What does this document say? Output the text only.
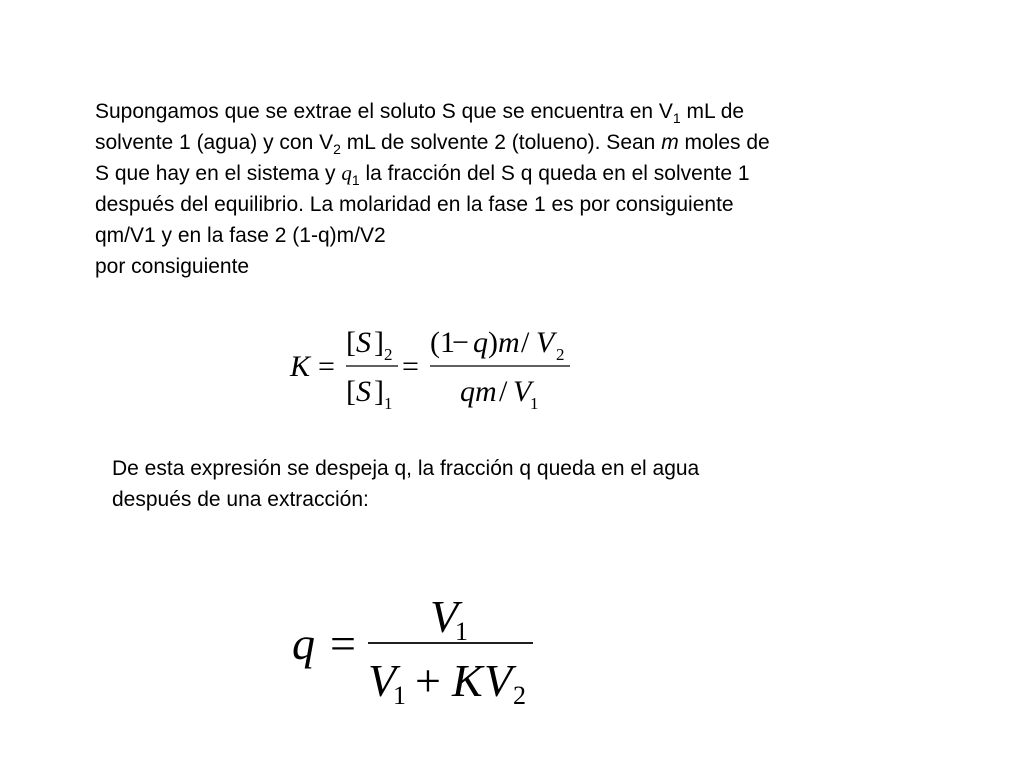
Supongamos que se extrae el soluto S que se encuentra en $V_1$ mL de
solvente 1 (agua) y con $V_2$ mL de solvente 2 (tolueno). Sean m moles de
S que hay en el sistema y $q_1$ la fracción del S q queda en el solvente 1
después del equilibrio. La molaridad en la fase 1 es por consiguiente
qm/V1 y en la fase 2 (1-q)m/V2
por consiguiente
K =
[ S ] 2
[ S ] 1
=
(1
− q ) m / V 2
qm / V
1
q =
V
1
V
1 + K V 2
De esta expresión se despeja q, la fracción q queda en el agua
después de una extracción:
